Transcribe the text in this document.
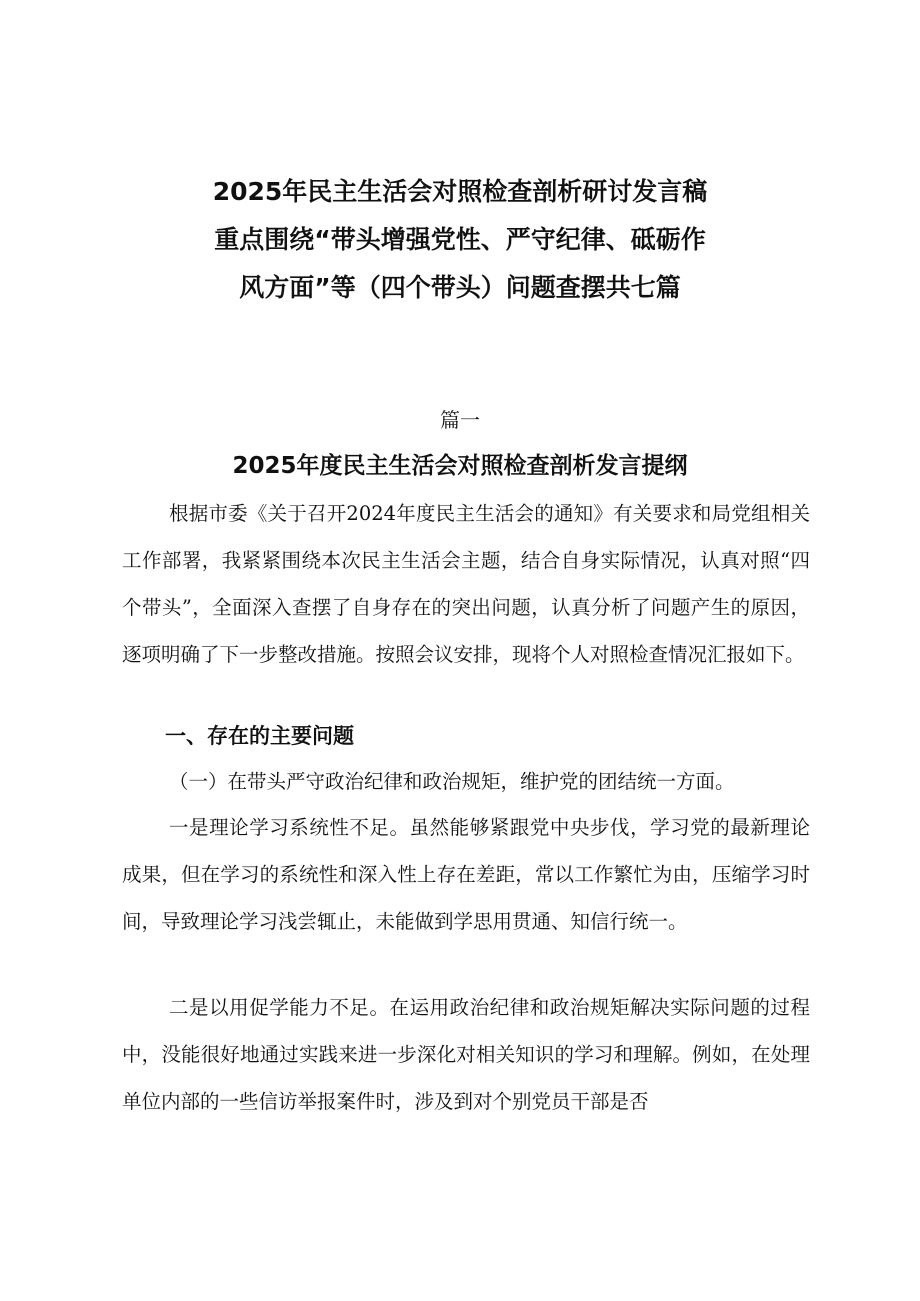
2025年民主生活会对照检查剖析研讨发言稿
重点围绕“带头增强党性、严守纪律、砥砺作
风方面”等（四个带头）问题查摆共七篇
篇一
2025年度民主生活会对照检查剖析发言提纲
根据市委《关于召开2024年度民主生活会的通知》有关要求和局党组相关工作部署，我紧紧围绕本次民主生活会主题，结合自身实际情况，认真对照“四个带头”，全面深入查摆了自身存在的突出问题，认真分析了问题产生的原因，逐项明确了下一步整改措施。按照会议安排，现将个人对照检查情况汇报如下。
一、存在的主要问题
（一）在带头严守政治纪律和政治规矩，维护党的团结统一方面。
一是理论学习系统性不足。虽然能够紧跟党中央步伐，学习党的最新理论成果，但在学习的系统性和深入性上存在差距，常以工作繁忙为由，压缩学习时间，导致理论学习浅尝辄止，未能做到学思用贯通、知信行统一。
二是以用促学能力不足。在运用政治纪律和政治规矩解决实际问题的过程中，没能很好地通过实践来进一步深化对相关知识的学习和理解。例如，在处理单位内部的一些信访举报案件时，涉及到对个别党员干部是否
